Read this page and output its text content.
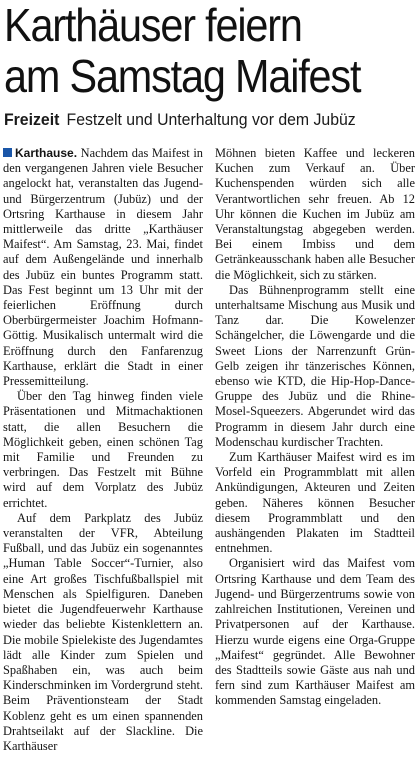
Karthäuser feiern
am Samstag Maifest
Freizeit Festzelt und Unterhaltung vor dem Jubüz

Karthause. Nachdem das Maifest in den vergangenen Jahren viele Besucher angelockt hat, veranstalten das Jugend- und Bürgerzentrum (Jubüz) und der Ortsring Karthause in diesem Jahr mittlerweile das dritte „Karthäuser Maifest“. Am Samstag, 23. Mai, findet auf dem Außengelände und innerhalb des Jubüz ein buntes Programm statt. Das Fest beginnt um 13 Uhr mit der feierlichen Eröffnung durch Oberbürgermeister Joachim Hofmann-Göttig. Musikalisch untermalt wird die Eröffnung durch den Fanfarenzug Karthause, erklärt die Stadt in einer Pressemitteilung.

Über den Tag hinweg finden viele Präsentationen und Mitmachaktionen statt, die allen Besuchern die Möglichkeit geben, einen schönen Tag mit Familie und Freunden zu verbringen. Das Festzelt mit Bühne wird auf dem Vorplatz des Jubüz errichtet.

Auf dem Parkplatz des Jubüz veranstalten der VFR, Abteilung Fußball, und das Jubüz ein sogenanntes „Human Table Soccer“-Turnier, also eine Art großes Tischfußballspiel mit Menschen als Spielfiguren. Daneben bietet die Jugendfeuerwehr Karthause wieder das beliebte Kistenklettern an. Die mobile Spielekiste des Jugendamtes lädt alle Kinder zum Spielen und Spaßhaben ein, was auch beim Kinderschminken im Vordergrund steht. Beim Präventionsteam der Stadt Koblenz geht es um einen spannenden Drahtseilakt auf der Slackline. Die Karthäuser

Möhnen bieten Kaffee und leckeren Kuchen zum Verkauf an. Über Kuchenspenden würden sich alle Verantwortlichen sehr freuen. Ab 12 Uhr können die Kuchen im Jubüz am Veranstaltungstag abgegeben werden. Bei einem Imbiss und dem Getränkeausschank haben alle Besucher die Möglichkeit, sich zu stärken.

Das Bühnenprogramm stellt eine unterhaltsame Mischung aus Musik und Tanz dar. Die Kowelenzer Schängelcher, die Löwengarde und die Sweet Lions der Narrenzunft Grün-Gelb zeigen ihr tänzerisches Können, ebenso wie KTD, die Hip-Hop-Dance-Gruppe des Jubüz und die Rhine-Mosel-Squeezers. Abgerundet wird das Programm in diesem Jahr durch eine Modenschau kurdischer Trachten.

Zum Karthäuser Maifest wird es im Vorfeld ein Programmblatt mit allen Ankündigungen, Akteuren und Zeiten geben. Näheres können Besucher diesem Programmblatt und den aushängenden Plakaten im Stadtteil entnehmen.

Organisiert wird das Maifest vom Ortsring Karthause und dem Team des Jugend- und Bürgerzentrums sowie von zahlreichen Institutionen, Vereinen und Privatpersonen auf der Karthause. Hierzu wurde eigens eine Orga-Gruppe „Maifest“ gegründet. Alle Bewohner des Stadtteils sowie Gäste aus nah und fern sind zum Karthäuser Maifest am kommenden Samstag eingeladen.
